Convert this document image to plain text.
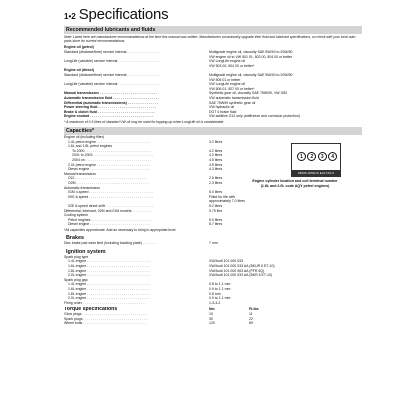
1•2 Specifications
Recommended lubricants and fluids
Note: Listed here are manufacturer recommendations at the time this manual was written. Manufacturers occasionally upgrade their fluid and lubricant specifications, so check with your local auto parts store for current recommendations.
Engine oil (petrol)
Standard (distance/time) service interval . . . . . . . . . . . . . . . . .	Multigrade engine oil, viscosity SAE 5W/40 to 20W/50
VW engine oil to VW 501 01, 502 00, 504 00 or better
LongLife (variable) service interval . . . . . . . . . . . . . . . . . . . . . .	VW LongLife engine oil
VW 503 00, 504 00 or better*
Engine oil (diesel)
Standard (distance/time) service interval . . . . . . . . . . . . . . . . .	Multigrade engine oil, viscosity SAE 5W/40 to 20W/50
VW 505 01 or better
LongLife (variable) service interval . . . . . . . . . . . . . . . . . . . . . .	VW LongLife engine oil
VW 506 01, 507 00 or better*
Manual transmission . . . . . . . . . . . . . . . . . . . . . . . . . . . . . .	Synthetic gear oil, viscosity SAE 75W/90, VW G50
Automatic transmission fluid . . . . . . . . . . . . . . . . . . . . . . . .	VW automatic transmission fluid
Differential (automatic transmissions) . . . . . . . . . . . . . . . .	SAE 75W90 synthetic gear oil
Power steering fluid . . . . . . . . . . . . . . . . . . . . . . . . . . . . . .	VW hydraulic oil
Brake & clutch fluid . . . . . . . . . . . . . . . . . . . . . . . . . . . . . .	DOT 4 brake fluid
Engine coolant . . . . . . . . . . . . . . . . . . . . . . . . . . . . . . . . .	VW additive G12 only (antifreeze and corrosion protection)
* A maximum of 0.5 litres of standard VW oil may be used for topping-up when LongLife oil is unobtainable
Capacities*
Engine oil (including filter)
1.4L petrol engine . . . . . . . . . . . . . . . . . . . . . . . . . . . .	3.2 litres
1.6L and 1.8L petrol engines
To 2000 . . . . . . . . . . . . . . . . . . . . . . . . . . . . . . . . . .	4.2 litres
2001 to 2003 . . . . . . . . . . . . . . . . . . . . . . . . . . . . . . .	4.2 litres
2004 on . . . . . . . . . . . . . . . . . . . . . . . . . . . . . . . . . .	4.5 litres
2.0L petrol engine . . . . . . . . . . . . . . . . . . . . . . . . . . . .	4.5 litres
Diesel engine . . . . . . . . . . . . . . . . . . . . . . . . . . . . . . .	4.3 litres
Manual transmission
O2J . . . . . . . . . . . . . . . . . . . . . . . . . . . . . . . . . . . . .	2.6 litres
O2M . . . . . . . . . . . . . . . . . . . . . . . . . . . . . . . . . . . . .	2.3 litres
Automatic transmission
01M 4-speed . . . . . . . . . . . . . . . . . . . . . . . . . . . . . . . . .	5.0 litres
09G 6-speed . . . . . . . . . . . . . . . . . . . . . . . . . . . . . . . . .	Filled for life with
approximately 7.0 litres
02E 6-speed direct shift . . . . . . . . . . . . . . . . . . . . . . . . .	5.2 litres
Differential, lubricant, 02M and 01M models . . . . . . . . . .	0.75 litre
Cooling system
Petrol engines . . . . . . . . . . . . . . . . . . . . . . . . . . . . . . .	5.0 litres
Diesel engine . . . . . . . . . . . . . . . . . . . . . . . . . . . . . . .	5.7 litres
1	2	3	4
36006-OPECS EA17A0.6
Engine cylinder location and coil terminal number (1.8L and 2.0L code AQY petrol engines)
*All capacities approximate. Add as necessary to bring to appropriate level.
Brakes
Disc brake pad wear limit (including backing plate) . . . . . . .	7 mm
Ignition system
Spark plug type
1.4L engine . . . . . . . . . . . . . . . . . . . . . . . . . . . . . . . . .	VW/Audi 101 000 033
1.6L engine . . . . . . . . . . . . . . . . . . . . . . . . . . . . . . . . .	VW/Audi 101 000 033 AA (BKUR 6 ET-10)
1.8L engine . . . . . . . . . . . . . . . . . . . . . . . . . . . . . . . . .	VW/Audi 101 000 063 AA (PFR 6Q)
2.0L engine . . . . . . . . . . . . . . . . . . . . . . . . . . . . . . . . .	VW/Audi 101 000 033 AA (BKR 6 ET-10)
Spark plug gap
1.4L engine . . . . . . . . . . . . . . . . . . . . . . . . . . . . . . . . .	0.8 to 1.1 mm
1.6L engine . . . . . . . . . . . . . . . . . . . . . . . . . . . . . . . . .	0.9 to 1.1 mm
1.8L engine . . . . . . . . . . . . . . . . . . . . . . . . . . . . . . . . .	0.8 mm
2.0L engine . . . . . . . . . . . . . . . . . . . . . . . . . . . . . . . . .	0.9 to 1.1 mm
Firing order . . . . . . . . . . . . . . . . . . . . . . . . . . . . . . . . .	1-3-4-2
Torque specifications	Nm	Ft-lbs
Glow plugs . . . . . . . . . . . . . . . . . . . . . . . . . . . . . . . . . .	15	11
Spark plugs . . . . . . . . . . . . . . . . . . . . . . . . . . . . . . . . .	30	22
Wheel bolts . . . . . . . . . . . . . . . . . . . . . . . . . . . . . . . . .	120	89
